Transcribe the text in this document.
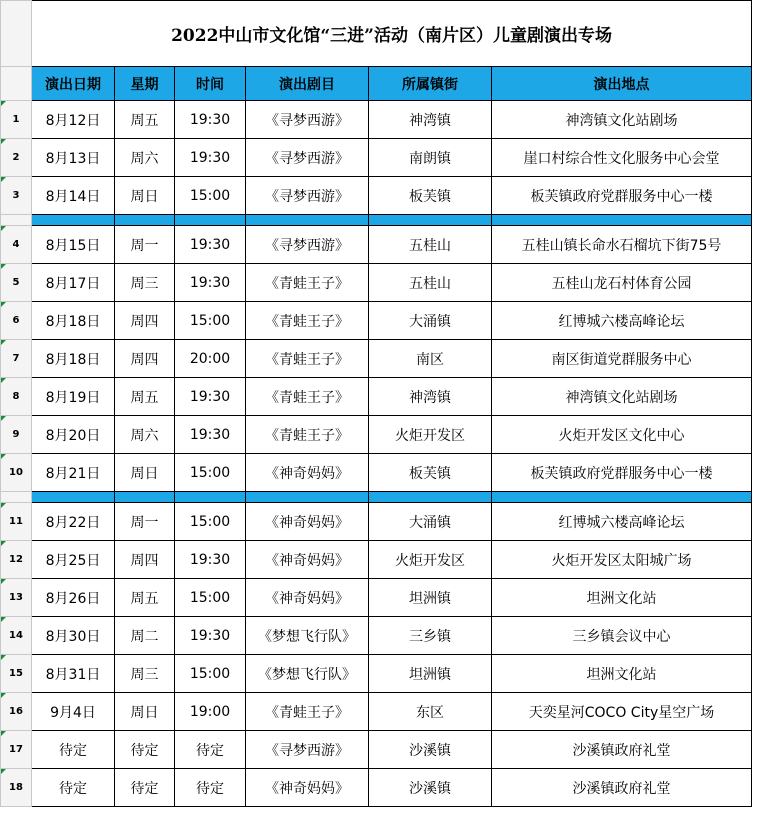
	2022中山市文化馆“三进”活动（南片区）儿童剧演出专场					
	演出日期	星期	时间	演出剧目	所属镇街	演出地点
1	8月12日	周五	19:30	《寻梦西游》	神湾镇	神湾镇文化站剧场
2	8月13日	周六	19:30	《寻梦西游》	南朗镇	崖口村综合性文化服务中心会堂
3	8月14日	周日	15:00	《寻梦西游》	板芙镇	板芙镇政府党群服务中心一楼

4	8月15日	周一	19:30	《寻梦西游》	五桂山	五桂山镇长命水石榴坑下街75号
5	8月17日	周三	19:30	《青蛙王子》	五桂山	五桂山龙石村体育公园
6	8月18日	周四	15:00	《青蛙王子》	大涌镇	红博城六楼高峰论坛
7	8月18日	周四	20:00	《青蛙王子》	南区	南区街道党群服务中心
8	8月19日	周五	19:30	《青蛙王子》	神湾镇	神湾镇文化站剧场
9	8月20日	周六	19:30	《青蛙王子》	火炬开发区	火炬开发区文化中心
10	8月21日	周日	15:00	《神奇妈妈》	板芙镇	板芙镇政府党群服务中心一楼

11	8月22日	周一	15:00	《神奇妈妈》	大涌镇	红博城六楼高峰论坛
12	8月25日	周四	19:30	《神奇妈妈》	火炬开发区	火炬开发区太阳城广场
13	8月26日	周五	15:00	《神奇妈妈》	坦洲镇	坦洲文化站
14	8月30日	周二	19:30	《梦想飞行队》	三乡镇	三乡镇会议中心
15	8月31日	周三	15:00	《梦想飞行队》	坦洲镇	坦洲文化站
16	9月4日	周日	19:00	《青蛙王子》	东区	天奕星河COCO City星空广场
17	待定	待定	待定	《寻梦西游》	沙溪镇	沙溪镇政府礼堂
18	待定	待定	待定	《神奇妈妈》	沙溪镇	沙溪镇政府礼堂
